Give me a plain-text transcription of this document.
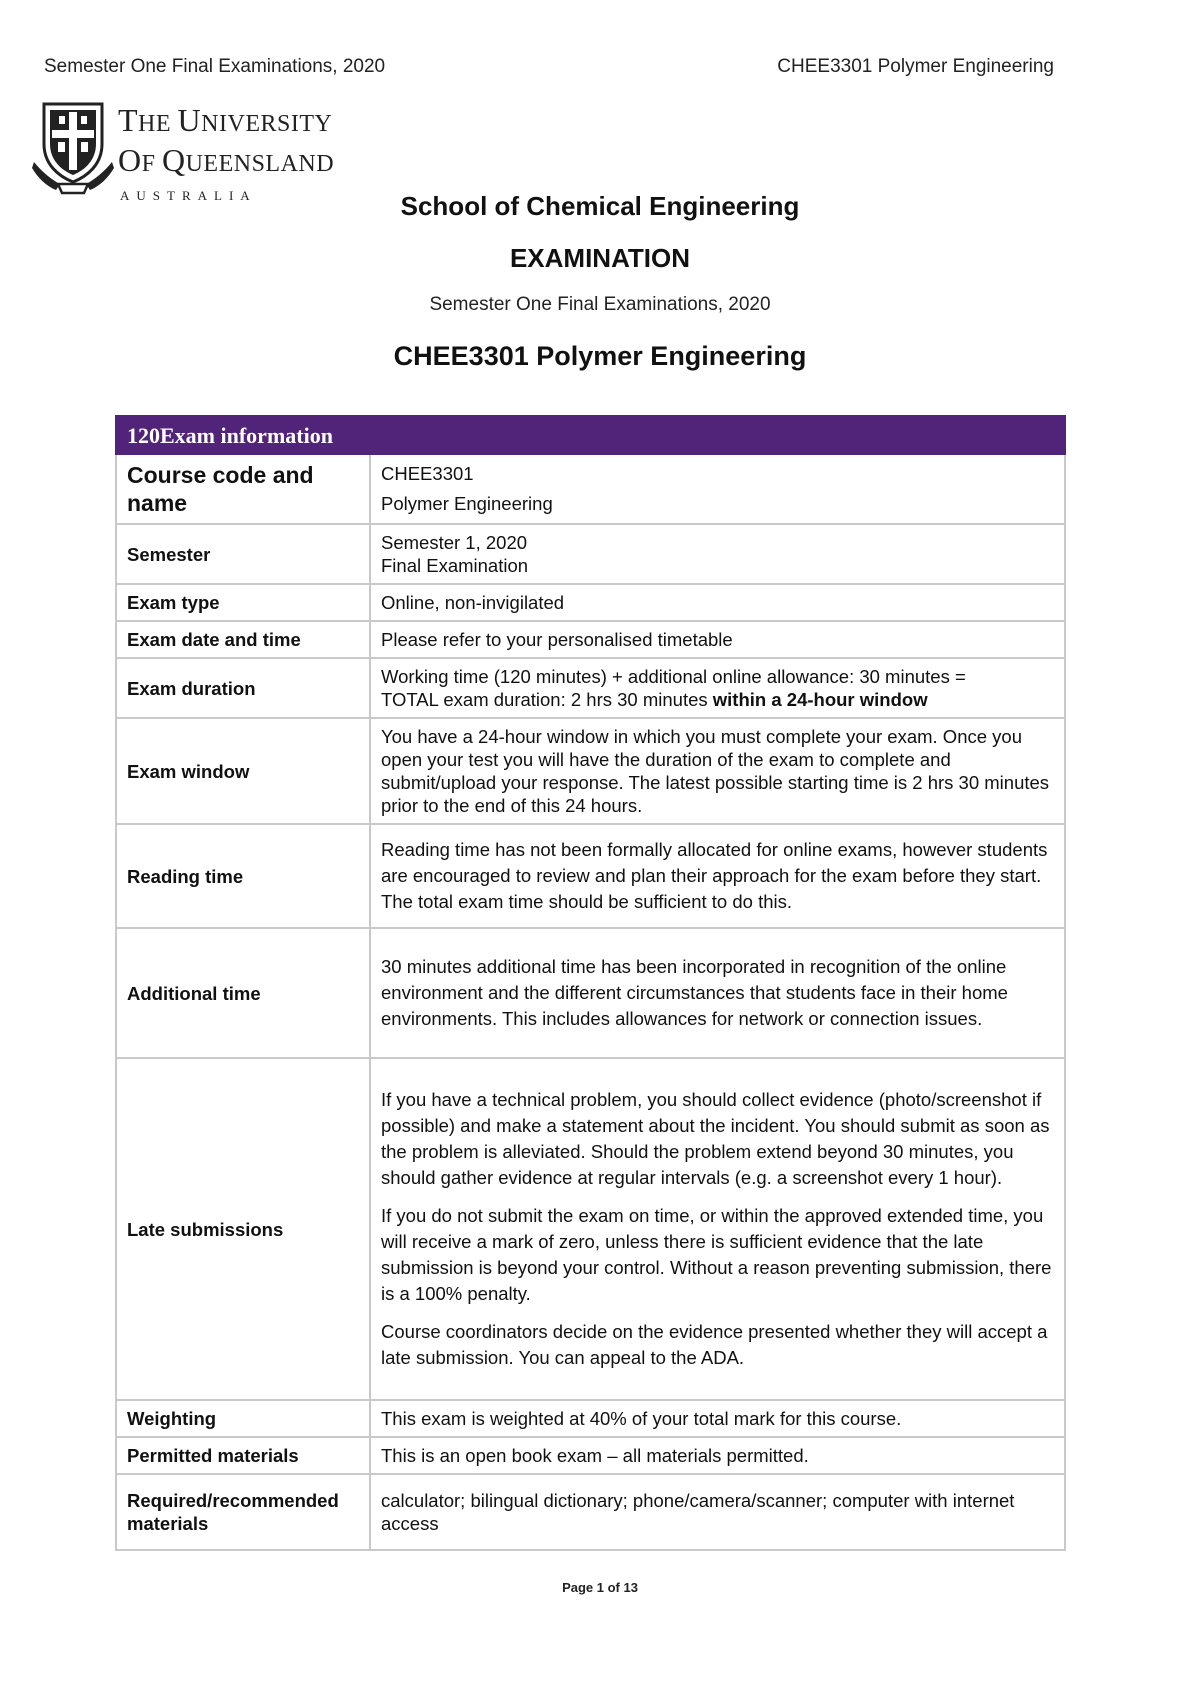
Semester One Final Examinations, 2020	CHEE3301 Polymer Engineering
THE UNIVERSITY
OF QUEENSLAND
AUSTRALIA	School of Chemical Engineering

EXAMINATION

Semester One Final Examinations, 2020

CHEE3301 Polymer Engineering

120Exam information	
Course code and name	CHEE3301

Polymer Engineering

Semester	Semester 1, 2020

Final Examination

Exam type	Online, non-invigilated
Exam date and time	Please refer to your personalised timetable
Exam duration	Working time (120 minutes) + additional online allowance: 30 minutes =

TOTAL exam duration: 2 hrs 30 minutes within a 24-hour window

Exam window	You have a 24-hour window in which you must complete your exam. Once you open your test you will have the duration of the exam to complete and submit/upload your response. The latest possible starting time is 2 hrs 30 minutes prior to the end of this 24 hours.
Reading time	Reading time has not been formally allocated for online exams, however students are encouraged to review and plan their approach for the exam before they start. The total exam time should be sufficient to do this.
Additional time	30 minutes additional time has been incorporated in recognition of the online environment and the different circumstances that students face in their home environments. This includes allowances for network or connection issues.
Late submissions	If you have a technical problem, you should collect evidence (photo/screenshot if possible) and make a statement about the incident. You should submit as soon as the problem is alleviated. Should the problem extend beyond 30 minutes, you should gather evidence at regular intervals (e.g. a screenshot every 1 hour).

If you do not submit the exam on time, or within the approved extended time, you will receive a mark of zero, unless there is sufficient evidence that the late submission is beyond your control. Without a reason preventing submission, there is a 100% penalty.

Course coordinators decide on the evidence presented whether they will accept a late submission. You can appeal to the ADA.

Weighting	This exam is weighted at 40% of your total mark for this course.
Permitted materials	This is an open book exam – all materials permitted.
Required/recommended materials	calculator; bilingual dictionary; phone/camera/scanner; computer with internet access
Page 1 of 13
